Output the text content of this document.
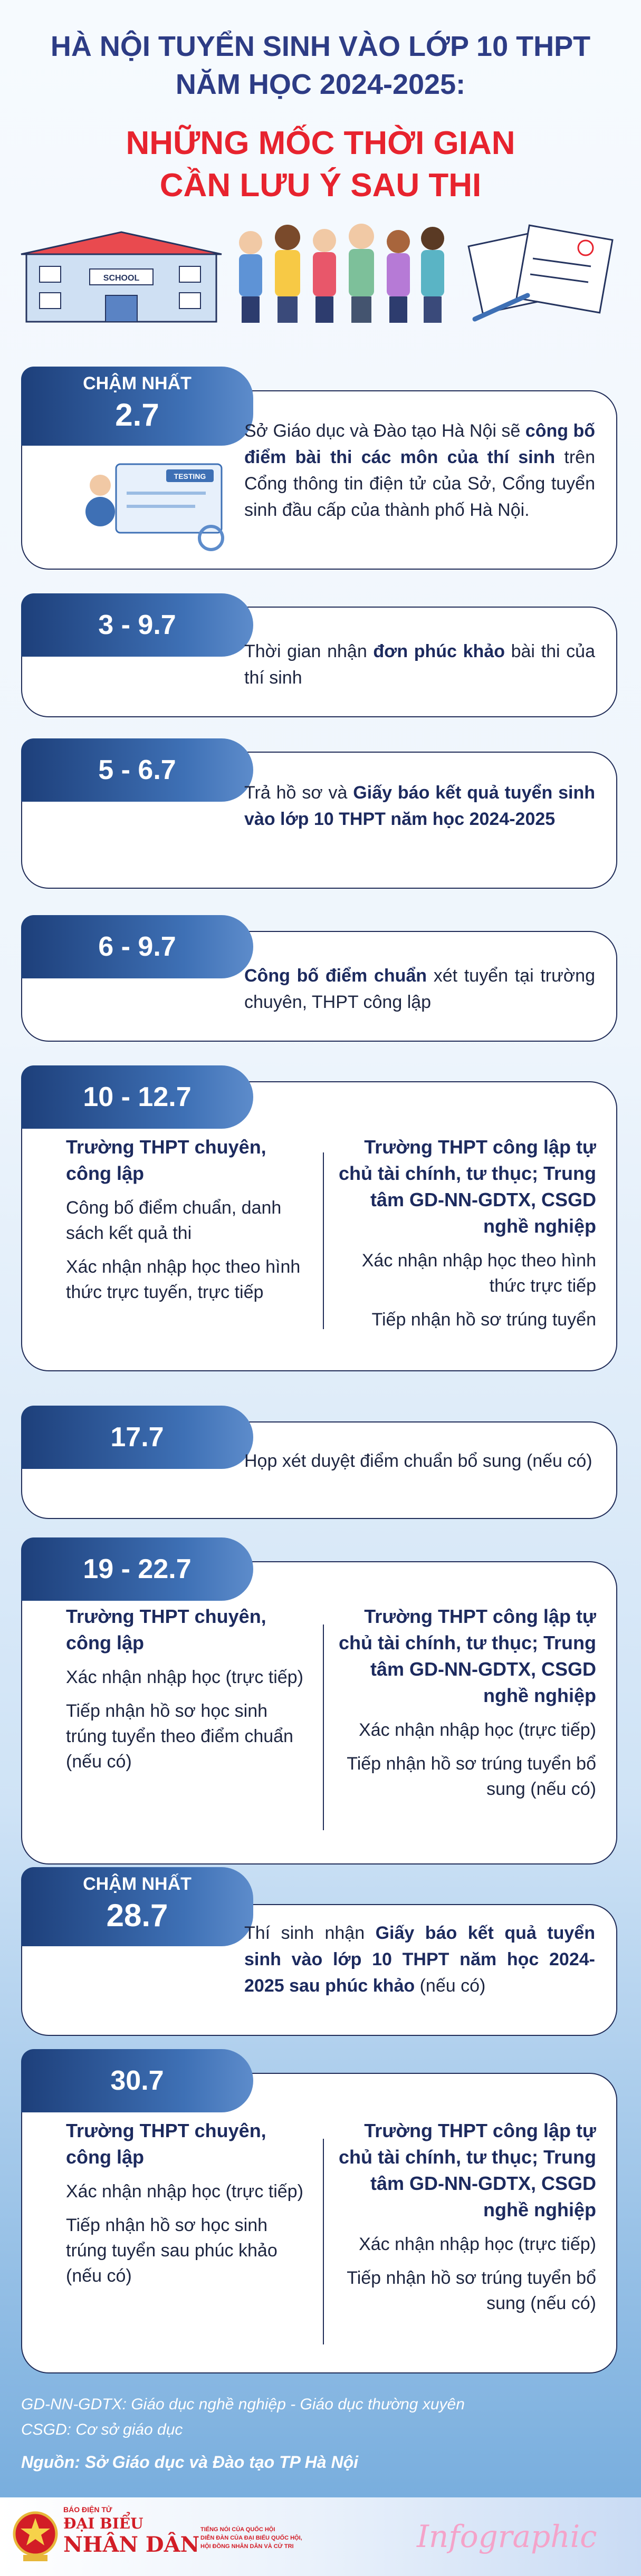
HÀ NỘI TUYỂN SINH VÀO LỚP 10 THPT
NĂM HỌC 2024-2025:
NHỮNG MỐC THỜI GIAN
CẦN LƯU Ý SAU THI
SCHOOL
CHẬM NHẤT
2.7
TESTING
Sở Giáo dục và Đào tạo Hà Nội sẽ công bố điểm bài thi các môn của thí sinh trên Cổng thông tin điện tử của Sở, Cổng tuyển sinh đầu cấp của thành phố Hà Nội.
3 - 9.7
Thời gian nhận đơn phúc khảo bài thi của thí sinh
5 - 6.7
Trả hồ sơ và Giấy báo kết quả tuyển sinh vào lớp 10 THPT năm học 2024-2025
6 - 9.7
Công bố điểm chuẩn xét tuyển tại trường chuyên, THPT công lập
10 - 12.7
Trường THPT chuyên, công lập
Công bố điểm chuẩn, danh sách kết quả thi
Xác nhận nhập học theo hình thức trực tuyến, trực tiếp
Trường THPT công lập tự chủ tài chính, tư thục; Trung tâm GD-NN-GDTX, CSGD nghề nghiệp
Xác nhận nhập học theo hình thức trực tiếp
Tiếp nhận hồ sơ trúng tuyển
17.7
Họp xét duyệt điểm chuẩn bổ sung (nếu có)
19 - 22.7
Trường THPT chuyên, công lập
Xác nhận nhập học (trực tiếp)
Tiếp nhận hồ sơ học sinh trúng tuyển theo điểm chuẩn (nếu có)
Trường THPT công lập tự chủ tài chính, tư thục; Trung tâm GD-NN-GDTX, CSGD nghề nghiệp
Xác nhận nhập học (trực tiếp)
Tiếp nhận hồ sơ trúng tuyển bổ sung (nếu có)
CHẬM NHẤT
28.7	Thí sinh nhận Giấy báo kết quả tuyển sinh vào lớp 10 THPT năm học 2024-2025 sau phúc khảo (nếu có)
30.7
Trường THPT chuyên, công lập
Xác nhận nhập học (trực tiếp)
Tiếp nhận hồ sơ học sinh trúng tuyển sau phúc khảo (nếu có)
Trường THPT công lập tự chủ tài chính, tư thục; Trung tâm GD-NN-GDTX, CSGD nghề nghiệp
Xác nhận nhập học (trực tiếp)
Tiếp nhận hồ sơ trúng tuyển bổ sung (nếu có)
GD-NN-GDTX: Giáo dục nghề nghiệp - Giáo dục thường xuyên
CSGD: Cơ sở giáo dục
Nguồn: Sở Giáo dục và Đào tạo TP Hà Nội
BÁO ĐIỆN TỬ
ĐẠI BIỂU
NHÂN DÂN
TIẾNG NÓI CỦA QUỐC HỘI
DIỄN ĐÀN CỦA ĐẠI BIỂU QUỐC HỘI,
HỘI ĐỒNG NHÂN DÂN VÀ CỬ TRI	Infographic
